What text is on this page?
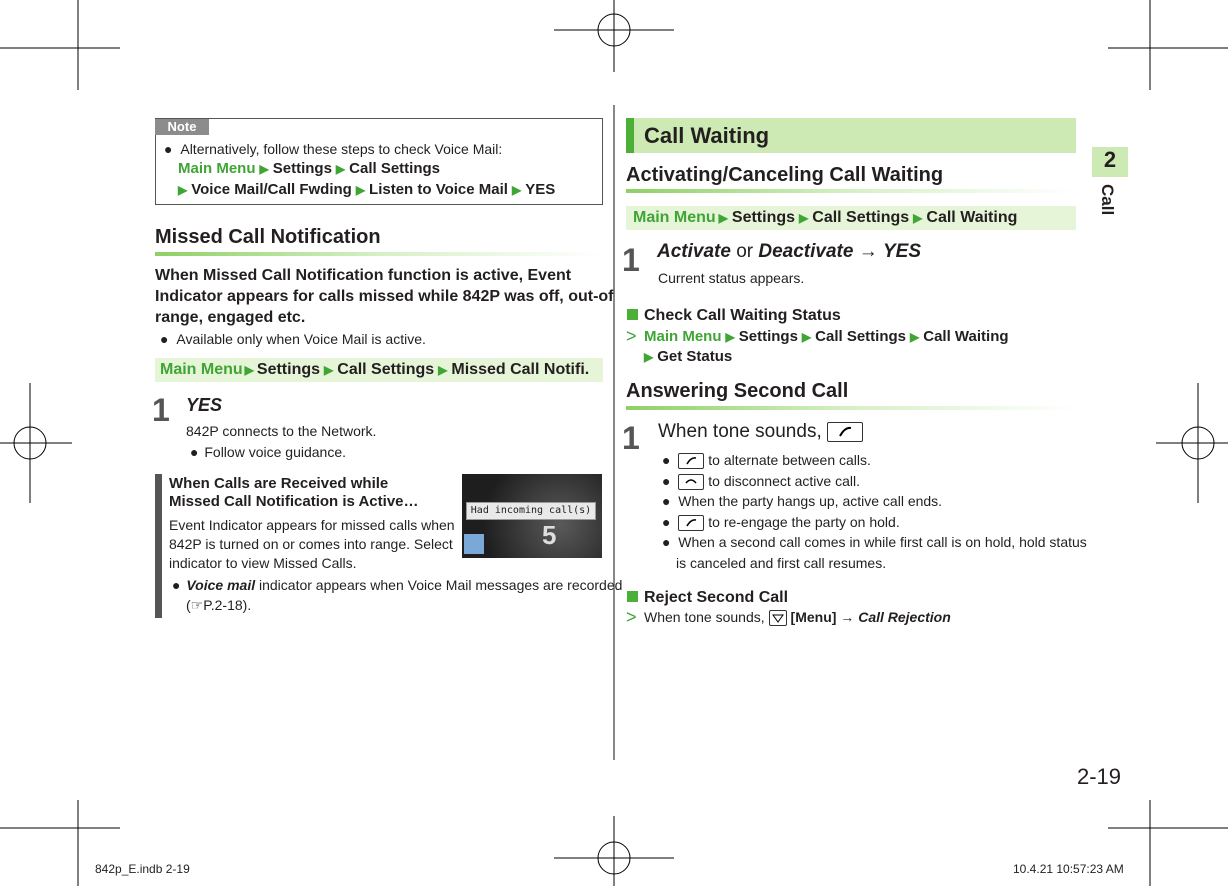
2
Call
Note
● Alternatively, follow these steps to check Voice Mail:
Main Menu ▶ Settings ▶ Call Settings
▶ Voice Mail/Call Fwding ▶ Listen to Voice Mail ▶ YES
Missed Call Notification
When Missed Call Notification function is active, Event
Indicator appears for calls missed while 842P was off, out-of
range, engaged etc.
● Available only when Voice Mail is active.
Main Menu ▶ Settings ▶ Call Settings ▶ Missed Call Notifi.
1 YES
842P connects to the Network.
● Follow voice guidance.
When Calls are Received while
Missed Call Notification is Active…
Event Indicator appears for missed calls when
842P is turned on or comes into range. Select
indicator to view Missed Calls.
● Voice mail indicator appears when Voice Mail messages are recorded
(☞P.2-18).
Had incoming call(s)
5
Call Waiting
Activating/Canceling Call Waiting
Main Menu ▶ Settings ▶ Call Settings ▶ Call Waiting
1 Activate or Deactivate → YES
Current status appears.
Check Call Waiting Status
> Main Menu ▶ Settings ▶ Call Settings ▶ Call Waiting
▶ Get Status
Answering Second Call
1 When tone sounds,
●
to alternate between calls.
●
to disconnect active call.
●  When the party hangs up, active call ends.
●
to re-engage the party on hold.
●  When a second call comes in while first call is on hold, hold status
is canceled and first call resumes.
Reject Second Call
> When tone sounds, [Menu] → Call Rejection
2-19
842p_E.indb 2-19	10.4.21 10:57:23 AM
